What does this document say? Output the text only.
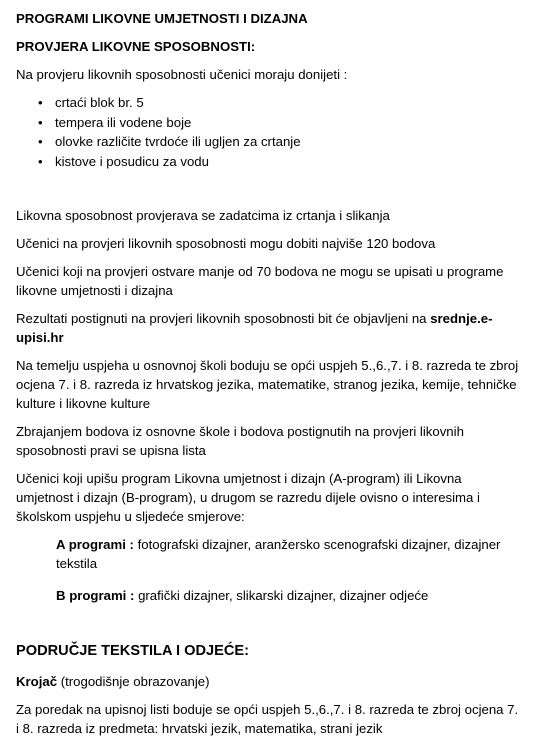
PROGRAMI LIKOVNE UMJETNOSTI I DIZAJNA
PROVJERA LIKOVNE SPOSOBNOSTI:
Na provjeru likovnih sposobnosti učenici moraju donijeti :
• crtaći blok br. 5
• tempera ili vodene boje
• olovke različite tvrdoće ili ugljen za crtanje
• kistove i posudicu za vodu
Likovna sposobnost provjerava se zadatcima iz crtanja i slikanja
Učenici na provjeri likovnih sposobnosti mogu dobiti najviše 120 bodova
Učenici koji na provjeri ostvare manje od 70 bodova ne mogu se upisati u programe likovne umjetnosti i dizajna
Rezultati postignuti na provjeri likovnih sposobnosti bit će objavljeni na srednje.e-upisi.hr
Na temelju uspjeha u osnovnoj školi boduju se opći uspjeh 5.,6.,7. i 8. razreda te zbroj ocjena 7. i 8. razreda iz hrvatskog jezika, matematike, stranog jezika, kemije, tehničke kulture i likovne kulture
Zbrajanjem bodova iz osnovne škole i bodova postignutih na provjeri likovnih sposobnosti pravi se upisna lista
Učenici koji upišu program Likovna umjetnost i dizajn (A-program) ili Likovna umjetnost i dizajn (B-program), u drugom se razredu dijele ovisno o interesima i školskom uspjehu u sljedeće smjerove:
A programi : fotografski dizajner, aranžersko scenografski dizajner, dizajner tekstila
B programi : grafički dizajner, slikarski dizajner, dizajner odjeće
PODRUČJE TEKSTILA I ODJEĆE:
Krojač (trogodišnje obrazovanje)
Za poredak na upisnoj listi boduje se opći uspjeh 5.,6.,7. i 8. razreda te zbroj ocjena 7. i 8. razreda iz predmeta: hrvatski jezik, matematika, strani jezik
